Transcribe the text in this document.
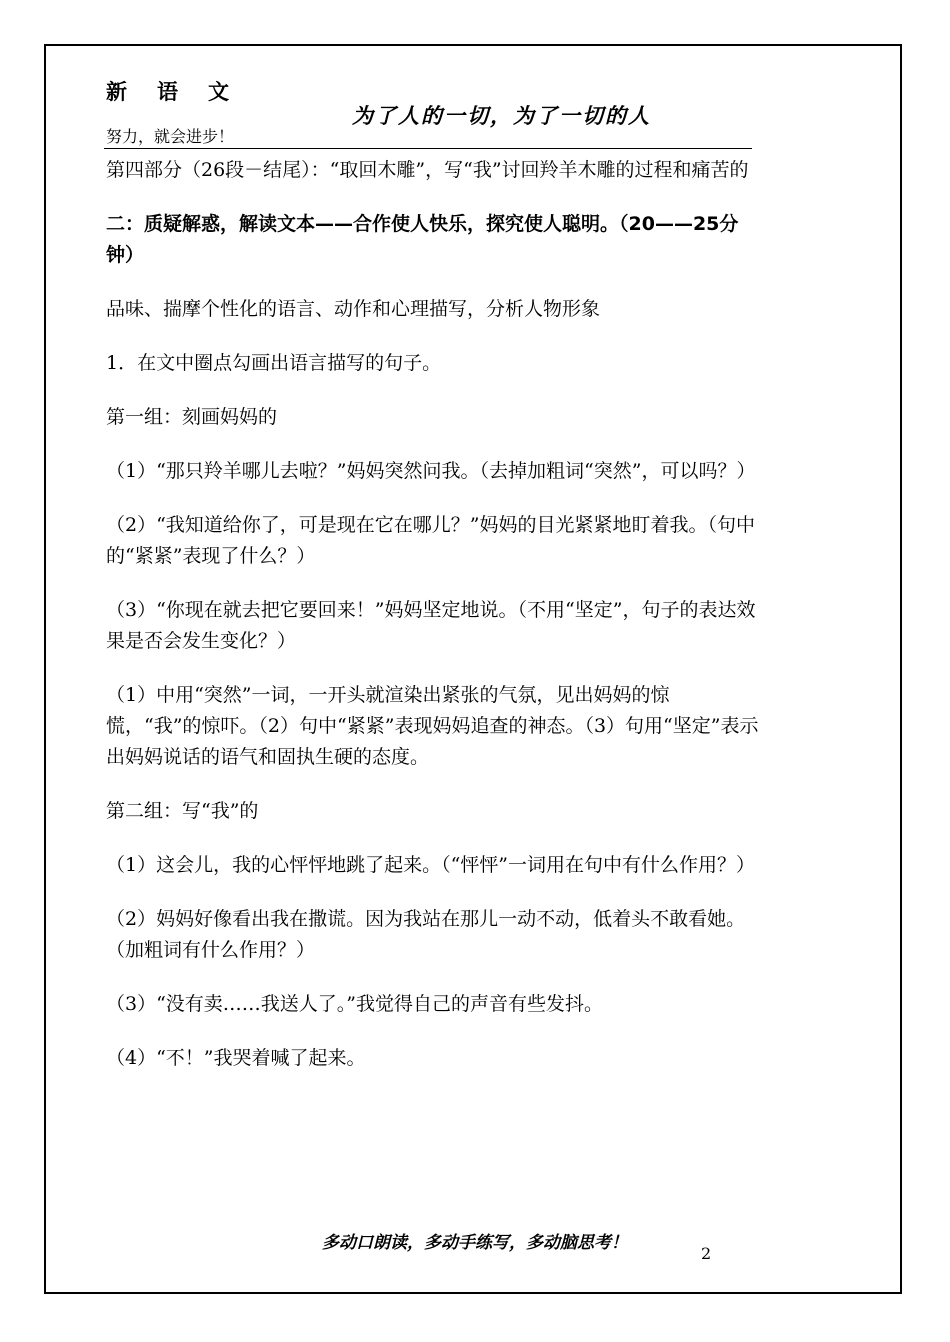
新语文
为了人的一切，为了一切的人
努力，就会进步！

第四部分（26段－结尾）：“取回木雕”，写“我”讨回羚羊木雕的过程和痛苦的

二：质疑解惑，解读文本——合作使人快乐，探究使人聪明。（20——25分钟）

品味、揣摩个性化的语言、动作和心理描写，分析人物形象

1．在文中圈点勾画出语言描写的句子。

第一组：刻画妈妈的

（1）“那只羚羊哪儿去啦？”妈妈突然问我。（去掉加粗词“突然”，可以吗？）

（2）“我知道给你了，可是现在它在哪儿？”妈妈的目光紧紧地盯着我。（句中的“紧紧”表现了什么？）

（3）“你现在就去把它要回来！”妈妈坚定地说。（不用“坚定”，句子的表达效果是否会发生变化？）

（1）中用“突然”一词，一开头就渲染出紧张的气氛，见出妈妈的惊慌，“我”的惊吓。（2）句中“紧紧”表现妈妈追查的神态。（3）句用“坚定”表示出妈妈说话的语气和固执生硬的态度。

第二组：写“我”的

（1）这会儿，我的心怦怦地跳了起来。（“怦怦”一词用在句中有什么作用？）

（2）妈妈好像看出我在撒谎。因为我站在那儿一动不动，低着头不敢看她。（加粗词有什么作用？）

（3）“没有卖……我送人了。”我觉得自己的声音有些发抖。

（4）“不！”我哭着喊了起来。

多动口朗读，多动手练写，多动脑思考！
2
